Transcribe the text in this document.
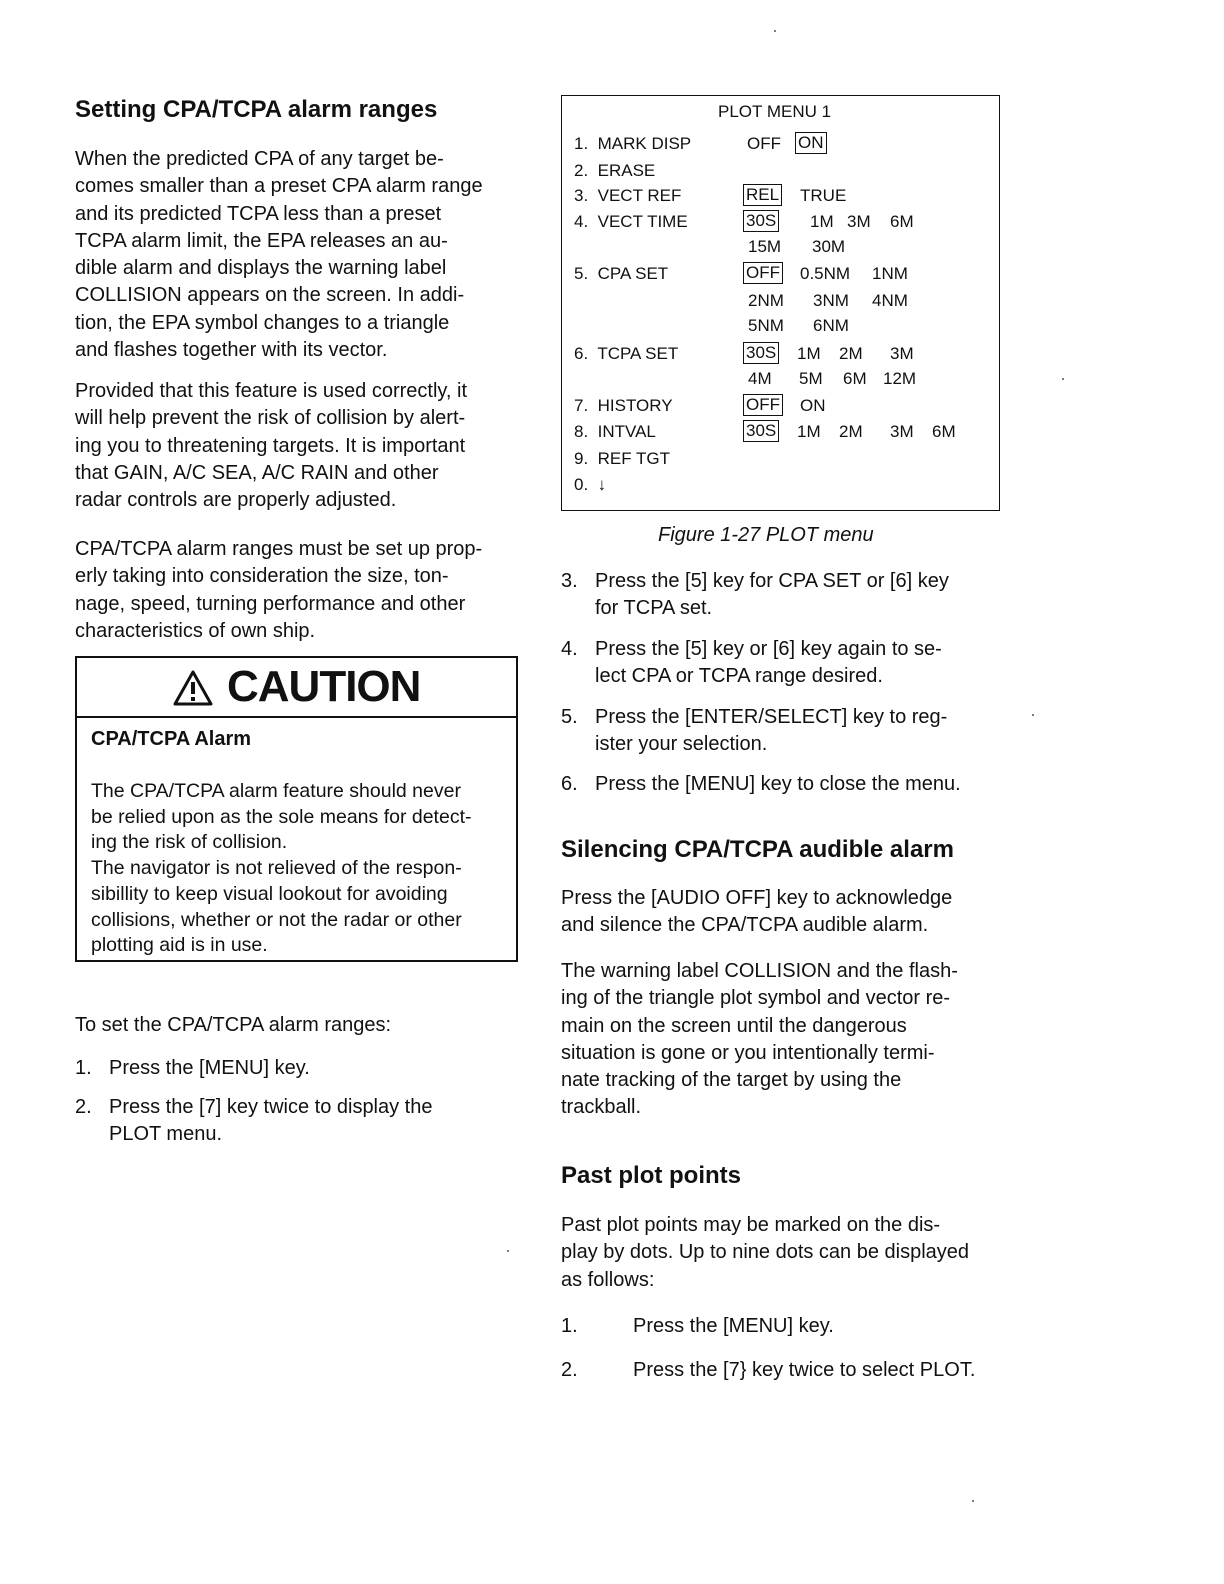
Setting CPA/TCPA alarm ranges
When the predicted CPA of any target be-
comes smaller than a preset CPA alarm range
and its predicted TCPA less than a preset
TCPA alarm limit, the EPA releases an au-
dible alarm and displays the warning label
COLLISION appears on the screen. In addi-
tion, the EPA symbol changes to a triangle
and flashes together with its vector.
Provided that this feature is used correctly, it
will help prevent the risk of collision by alert-
ing you to threatening targets. It is important
that GAIN, A/C SEA, A/C RAIN and other
radar controls are properly adjusted.
CPA/TCPA alarm ranges must be set up prop-
erly taking into consideration the size, ton-
nage, speed, turning performance and other
characteristics of own ship.
CAUTION
CPA/TCPA Alarm
The CPA/TCPA alarm feature should never
be relied upon as the sole means for detect-
ing the risk of collision.
The navigator is not relieved of the respon-
sibillity to keep visual lookout for avoiding
collisions, whether or not the radar or other
plotting aid is in use.
To set the CPA/TCPA alarm ranges:
1. Press the [MENU] key.
2. Press the [7] key twice to display the
PLOT menu.
PLOT MENU 1
1.  MARK DISP	OFF ON
2.  ERASE
3.  VECT REF	REL TRUE
4.  VECT TIME	30S 1M 3M 6M
15M 30M
5.  CPA SET	OFF 0.5NM 1NM
2NM 3NM 4NM
5NM 6NM
6.  TCPA SET	30S 1M 2M 3M
4M 5M 6M 12M
7.  HISTORY	OFF ON
8.  INTVAL	30S 1M 2M 3M 6M
9.  REF TGT
0.  ↓
Figure 1-27 PLOT menu
3. Press the [5] key for CPA SET or [6] key
for TCPA set.
4. Press the [5] key or [6] key again to se-
lect CPA or TCPA range desired.
5. Press the [ENTER/SELECT] key to reg-
ister your selection.
6. Press the [MENU] key to close the menu.
Silencing CPA/TCPA audible alarm
Press the [AUDIO OFF] key to acknowledge
and silence the CPA/TCPA audible alarm.
The warning label COLLISION and the flash-
ing of the triangle plot symbol and vector re-
main on the screen until the dangerous
situation is gone or you intentionally termi-
nate tracking of the target by using the
trackball.
Past plot points
Past plot points may be marked on the dis-
play by dots. Up to nine dots can be displayed
as follows:
1.	Press the [MENU] key.
2.	Press the [7} key twice to select PLOT.
